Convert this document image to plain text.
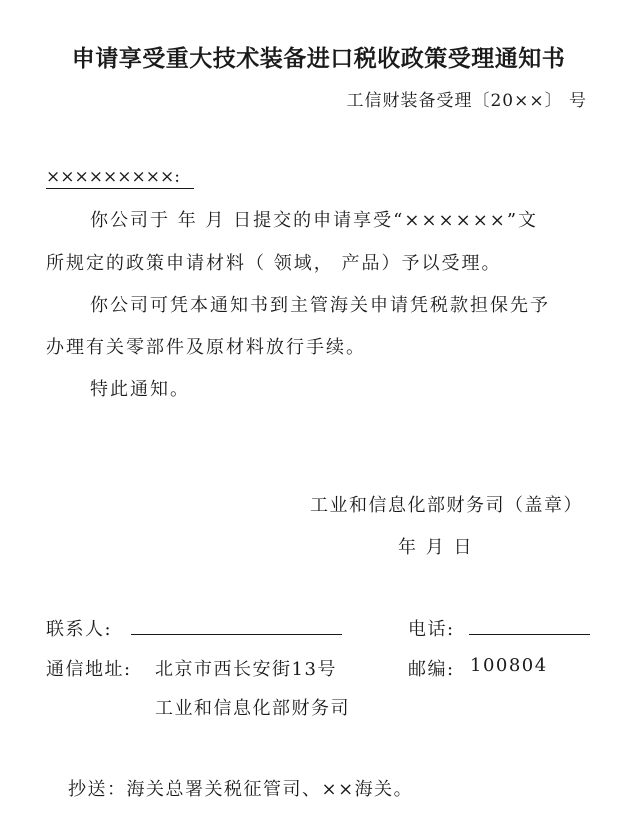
申请享受重大技术装备进口税收政策受理通知书
工信财装备受理〔20××〕 号
×××××××××:
你公司于 年 月 日提交的申请享受“××××××”文
所规定的政策申请材料（ 领域， 产品）予以受理。
你公司可凭本通知书到主管海关申请凭税款担保先予
办理有关零部件及原材料放行手续。
特此通知。
工业和信息化部财务司（盖章）
年 月 日
联系人:	电话:
通信地址: 北京市西长安街13号
工业和信息化部财务司
邮编: 100804
抄送：海关总署关税征管司、××海关。
